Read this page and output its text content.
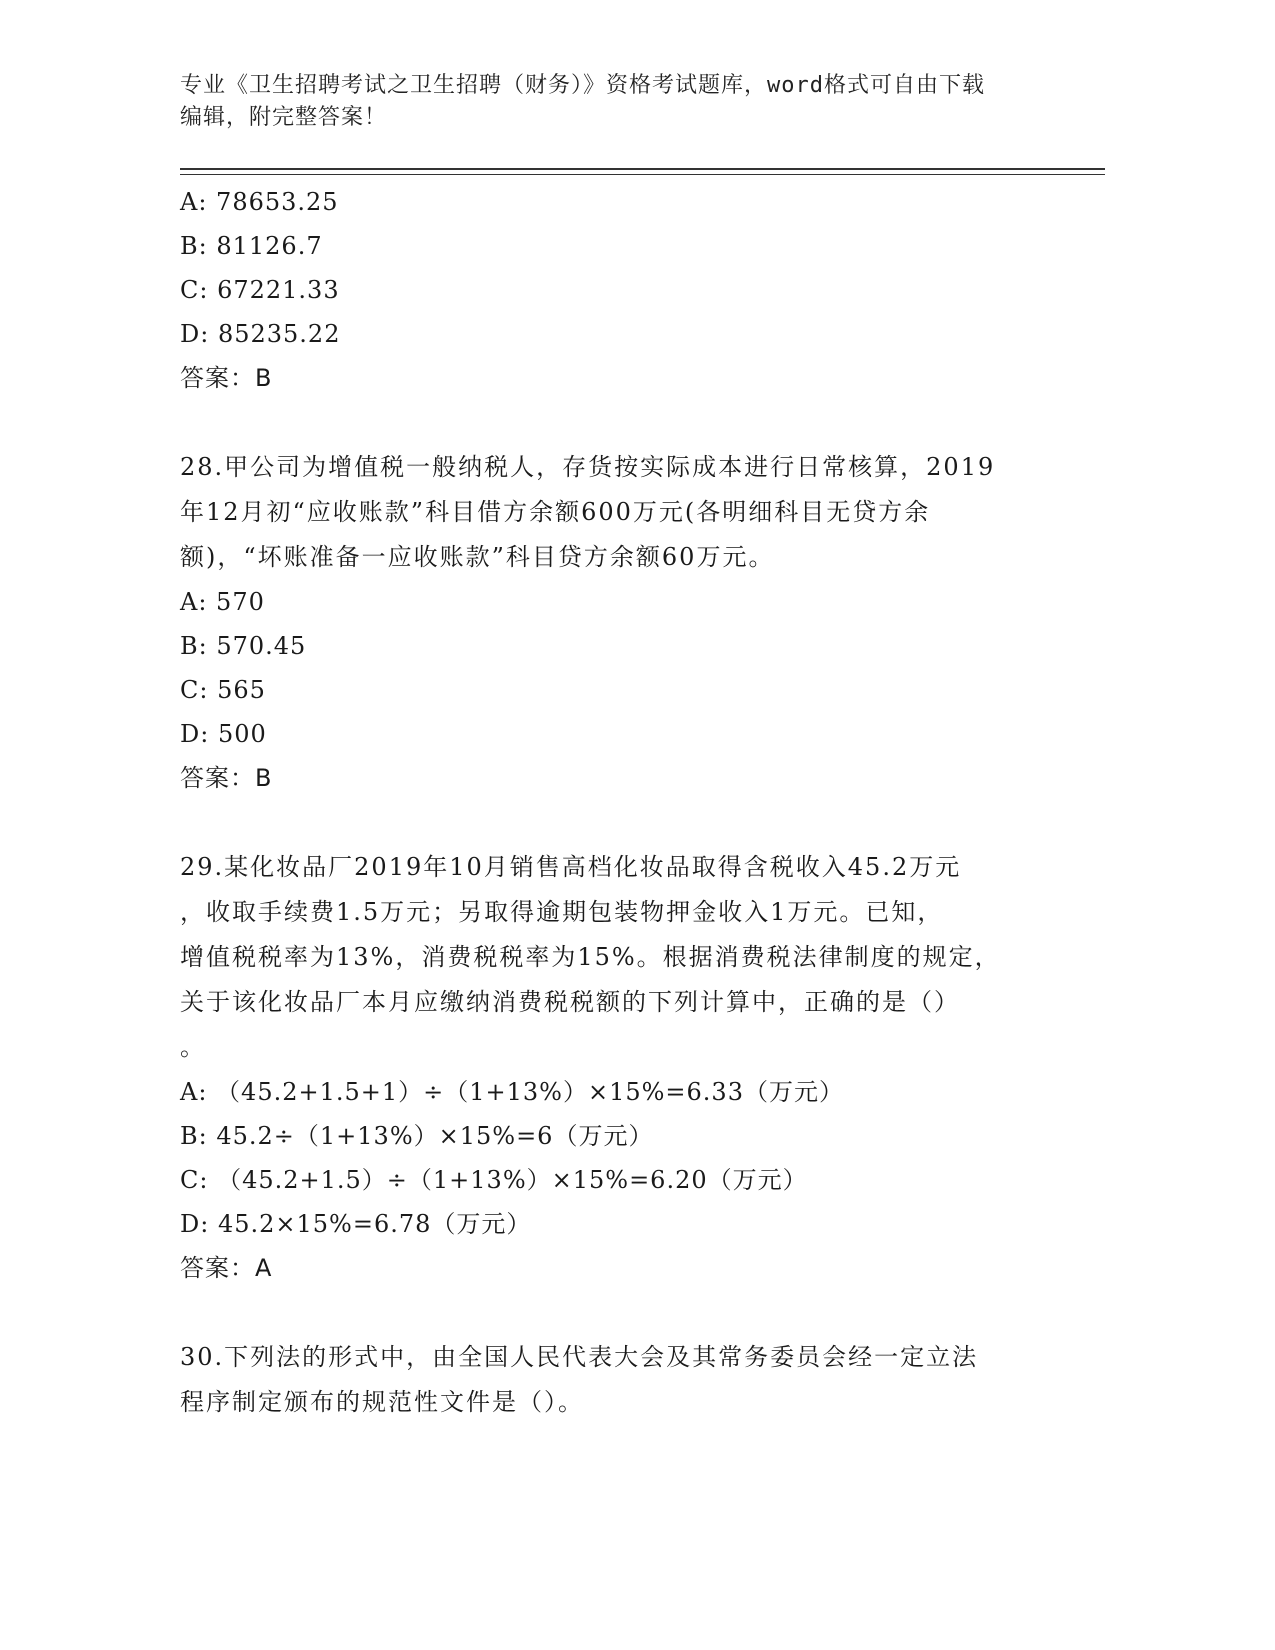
专业《卫生招聘考试之卫生招聘（财务）》资格考试题库，word格式可自由下载
编辑，附完整答案！
A: 78653.25
B: 81126.7
C: 67221.33
D: 85235.22
答案：B
28.甲公司为增值税一般纳税人，存货按实际成本进行日常核算，2019
年12月初“应收账款”科目借方余额600万元(各明细科目无贷方余
额)，“坏账准备一应收账款”科目贷方余额60万元。
A: 570
B: 570.45
C: 565
D: 500
答案：B
29.某化妆品厂2019年10月销售高档化妆品取得含税收入45.2万元
，收取手续费1.5万元；另取得逾期包装物押金收入1万元。已知，
增值税税率为13%，消费税税率为15%。根据消费税法律制度的规定，
关于该化妆品厂本月应缴纳消费税税额的下列计算中，正确的是（）
。
A: （45.2+1.5+1）÷（1+13%）×15%=6.33（万元）
B: 45.2÷（1+13%）×15%=6（万元）
C: （45.2+1.5）÷（1+13%）×15%=6.20（万元）
D: 45.2×15%=6.78（万元）
答案：A
30.下列法的形式中，由全国人民代表大会及其常务委员会经一定立法
程序制定颁布的规范性文件是（）。
